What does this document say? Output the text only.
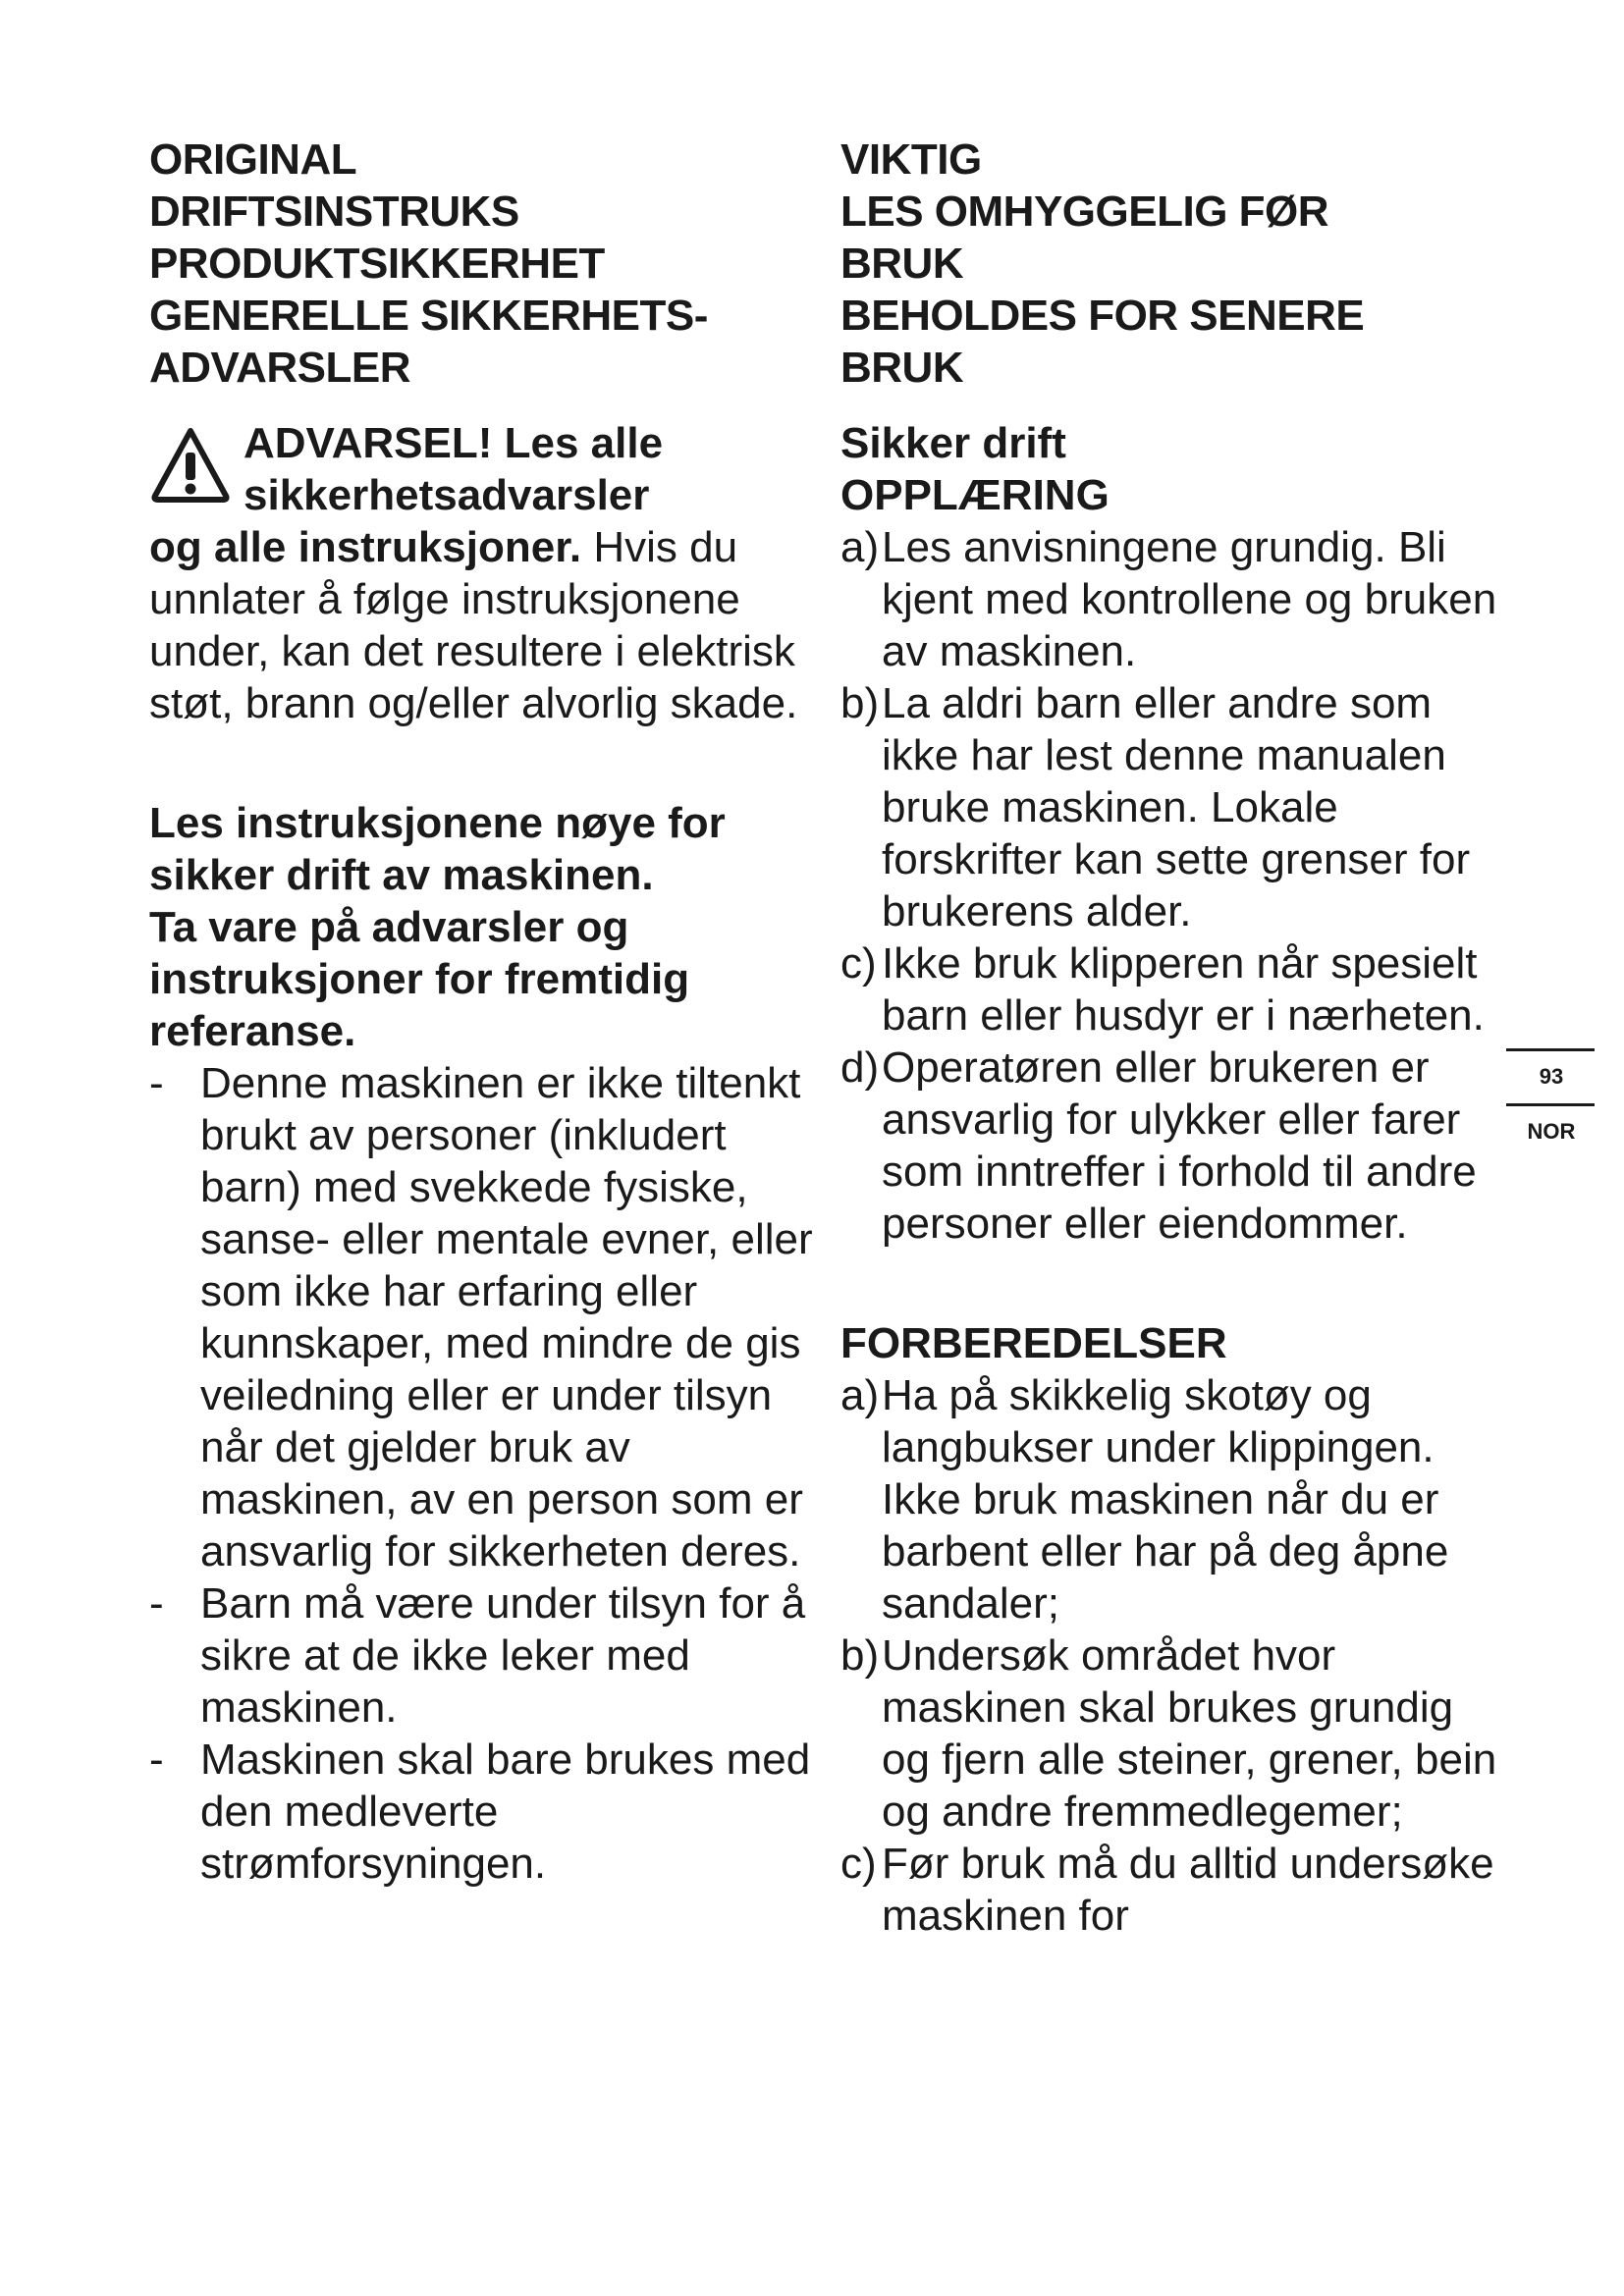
ORIGINAL
DRIFTSINSTRUKS
PRODUKTSIKKERHET
GENERELLE SIKKERHETS-
ADVARSLER
ADVARSEL! Les alle
sikkerhetsadvarsler

og alle instruksjoner. Hvis du unnlater å følge instruksjonene under, kan det resultere i elektrisk støt, brann og/eller alvorlig skade.

Les instruksjonene nøye for sikker drift av maskinen.

Ta vare på advarsler og instruksjoner for fremtidig referanse.

- Denne maskinen er ikke tiltenkt brukt av personer (inkludert barn) med svekkede fysiske, sanse- eller mentale evner, eller som ikke har erfaring eller kunnskaper, med mindre de gis veiledning eller er under tilsyn når det gjelder bruk av maskinen, av en person som er ansvarlig for sikkerheten deres.
- Barn må være under tilsyn for å sikre at de ikke leker med maskinen.
- Maskinen skal bare brukes med den medleverte strømforsyningen.
VIKTIG
LES OMHYGGELIG FØR
BRUK
BEHOLDES FOR SENERE
BRUK

Sikker drift

OPPLÆRING

a) Les anvisningene grundig. Bli kjent med kontrollene og bruken av maskinen.
b) La aldri barn eller andre som ikke har lest denne manualen bruke maskinen. Lokale forskrifter kan sette grenser for brukerens alder.
c) Ikke bruk klipperen når spesielt barn eller husdyr er i nærheten.
d) Operatøren eller brukeren er ansvarlig for ulykker eller farer som inntreffer i forhold til andre personer eller eiendommer.

FORBEREDELSER

a) Ha på skikkelig skotøy og langbukser under klippingen. Ikke bruk maskinen når du er barbent eller har på deg åpne sandaler;
b) Undersøk området hvor maskinen skal brukes grundig og fjern alle steiner, grener, bein og andre fremmedlegemer;
c) Før bruk må du alltid undersøke maskinen for
93
NOR
